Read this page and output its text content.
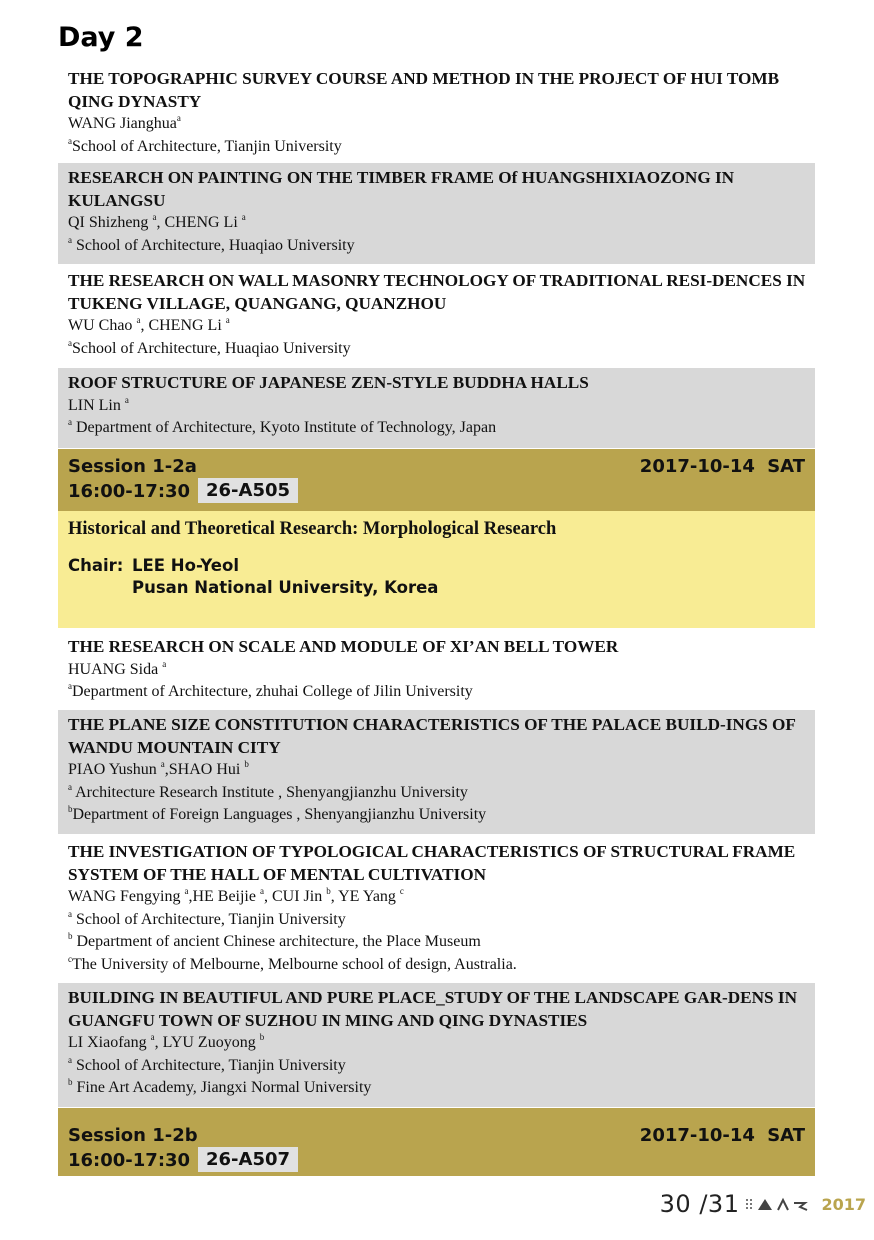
Day 2
THE TOPOGRAPHIC SURVEY COURSE AND METHOD IN THE PROJECT OF HUI TOMB QING DYNASTY
WANG Jianghua$^a$
$^a$School of Architecture, Tianjin University
RESEARCH ON PAINTING ON THE TIMBER FRAME Of HUANGSHIXIAOZONG IN KULANGSU
QI Shizheng $^a$, CHENG Li $^a$
$^a$ School of Architecture, Huaqiao University
THE RESEARCH ON WALL MASONRY TECHNOLOGY OF TRADITIONAL RESI-DENCES IN TUKENG VILLAGE, QUANGANG, QUANZHOU
WU Chao $^a$, CHENG Li $^a$
$^a$School of Architecture, Huaqiao University
ROOF STRUCTURE OF JAPANESE ZEN-STYLE BUDDHA HALLS
LIN Lin $^a$
$^a$ Department of Architecture, Kyoto Institute of Technology, Japan
Session 1-2a	2017-10-14 SAT
16:00-17:30 26-A505
Historical and Theoretical Research: Morphological Research
Chair: LEE Ho-Yeol
Pusan National University, Korea
THE RESEARCH ON SCALE AND MODULE OF XI’AN BELL TOWER
HUANG Sida $^a$
$^a$Department of Architecture, zhuhai College of Jilin University
THE PLANE SIZE CONSTITUTION CHARACTERISTICS OF THE PALACE BUILD-INGS OF WANDU MOUNTAIN CITY
PIAO Yushun $^a$,SHAO Hui $^b$
$^a$ Architecture Research Institute , Shenyangjianzhu University
$^b$Department of Foreign Languages , Shenyangjianzhu University
THE INVESTIGATION OF TYPOLOGICAL CHARACTERISTICS OF STRUCTURAL FRAME SYSTEM OF THE HALL OF MENTAL CULTIVATION
WANG Fengying $^a$,HE Beijie $^a$, CUI Jin $^b$, YE Yang $^c$
$^a$ School of Architecture, Tianjin University
$^b$ Department of ancient Chinese architecture, the Place Museum
$^c$The University of Melbourne, Melbourne school of design, Australia.
BUILDING IN BEAUTIFUL AND PURE PLACE_STUDY OF THE LANDSCAPE GAR-DENS IN GUANGFU TOWN OF SUZHOU IN MING AND QING DYNASTIES
LI Xiaofang $^a$, LYU Zuoyong $^b$
$^a$ School of Architecture, Tianjin University
$^b$ Fine Art Academy, Jiangxi Normal University
Session 1-2b	2017-10-14 SAT
16:00-17:30 26-A507
30 /31	2017
